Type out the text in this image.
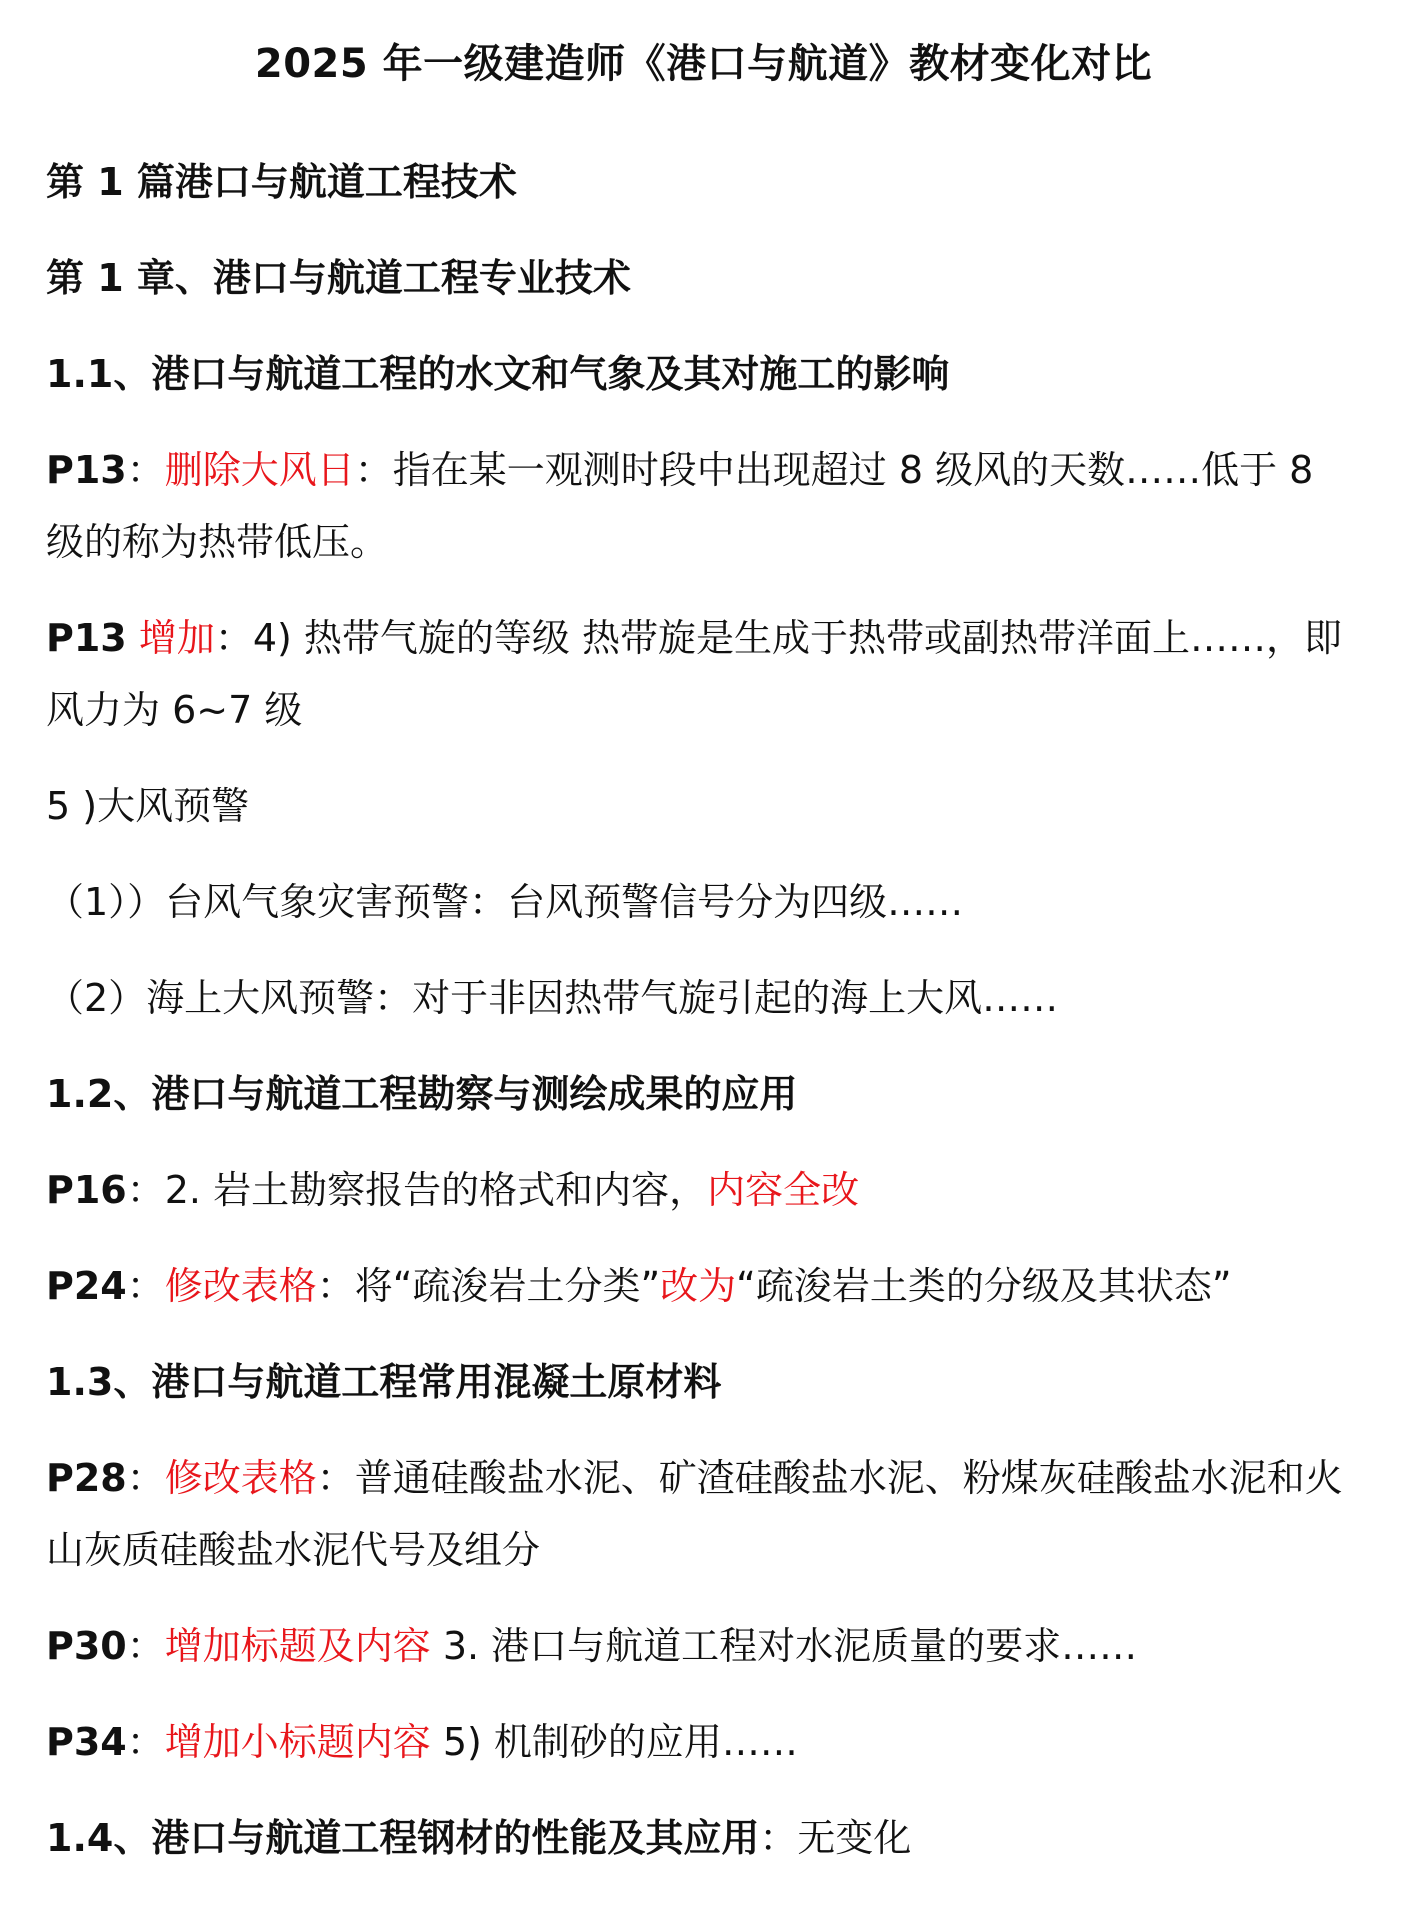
2025 年一级建造师《港口与航道》教材变化对比
第 1 篇港口与航道工程技术
第 1 章、港口与航道工程专业技术
1.1、港口与航道工程的水文和气象及其对施工的影响
P13：删除大风日：指在某一观测时段中出现超过 8 级风的天数……低于 8 级的称为热带低压。
P13 增加：4) 热带气旋的等级 热带旋是生成于热带或副热带洋面上……，即风力为 6~7 级
5 )大风预警
（1））台风气象灾害预警：台风预警信号分为四级……
（2）海上大风预警：对于非因热带气旋引起的海上大风……
1.2、港口与航道工程勘察与测绘成果的应用
P16：2. 岩土勘察报告的格式和内容，内容全改
P24：修改表格：将“疏浚岩土分类”改为“疏浚岩土类的分级及其状态”
1.3、港口与航道工程常用混凝土原材料
P28：修改表格：普通硅酸盐水泥、矿渣硅酸盐水泥、粉煤灰硅酸盐水泥和火山灰质硅酸盐水泥代号及组分
P30：增加标题及内容 3. 港口与航道工程对水泥质量的要求……
P34：增加小标题内容 5) 机制砂的应用……
1.4、港口与航道工程钢材的性能及其应用：无变化
